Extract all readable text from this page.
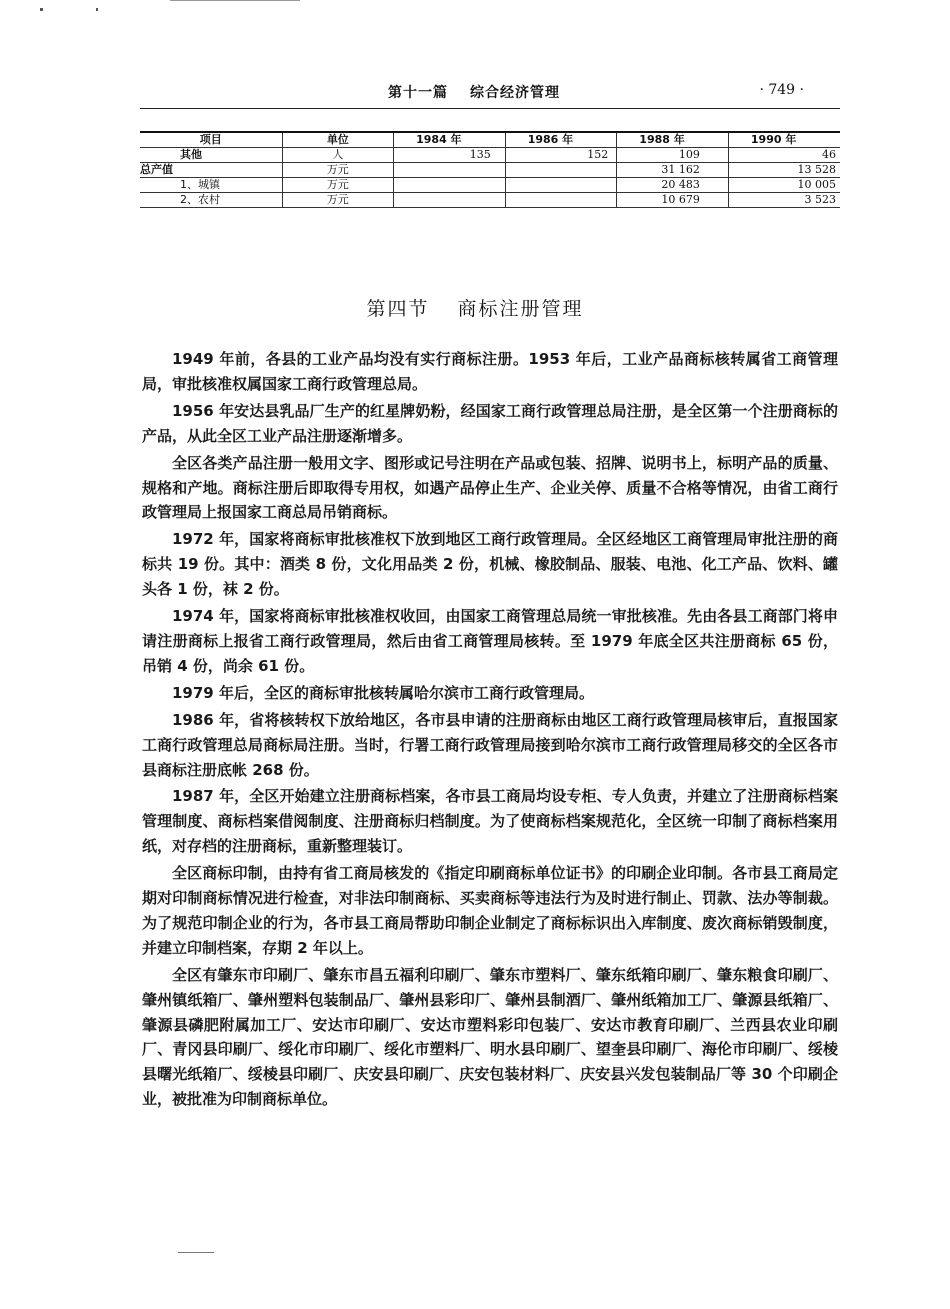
第十一篇 综合经济管理	· 749 ·
项目	单位	1984 年	1986 年	1988 年	1990 年
其他	人	135	152	109	46
总产值	万元			31 162	13 528
1、城镇	万元			20 483	10 005
2、农村	万元			10 679	3 523
第四节 商标注册管理

1949 年前，各县的工业产品均没有实行商标注册。1953 年后，工业产品商标核转属省工商管理局，审批核准权属国家工商行政管理总局。

1956 年安达县乳品厂生产的红星牌奶粉，经国家工商行政管理总局注册，是全区第一个注册商标的产品，从此全区工业产品注册逐渐增多。

全区各类产品注册一般用文字、图形或记号注明在产品或包装、招牌、说明书上，标明产品的质量、规格和产地。商标注册后即取得专用权，如遇产品停止生产、企业关停、质量不合格等情况，由省工商行政管理局上报国家工商总局吊销商标。

1972 年，国家将商标审批核准权下放到地区工商行政管理局。全区经地区工商管理局审批注册的商标共 19 份。其中：酒类 8 份，文化用品类 2 份，机械、橡胶制品、服装、电池、化工产品、饮料、罐头各 1 份，袜 2 份。

1974 年，国家将商标审批核准权收回，由国家工商管理总局统一审批核准。先由各县工商部门将申请注册商标上报省工商行政管理局，然后由省工商管理局核转。至 1979 年底全区共注册商标 65 份，吊销 4 份，尚余 61 份。

1979 年后，全区的商标审批核转属哈尔滨市工商行政管理局。

1986 年，省将核转权下放给地区，各市县申请的注册商标由地区工商行政管理局核审后，直报国家工商行政管理总局商标局注册。当时，行署工商行政管理局接到哈尔滨市工商行政管理局移交的全区各市县商标注册底帐 268 份。

1987 年，全区开始建立注册商标档案，各市县工商局均设专柜、专人负责，并建立了注册商标档案管理制度、商标档案借阅制度、注册商标归档制度。为了使商标档案规范化，全区统一印制了商标档案用纸，对存档的注册商标，重新整理装订。

全区商标印制，由持有省工商局核发的《指定印刷商标单位证书》的印刷企业印制。各市县工商局定期对印制商标情况进行检查，对非法印制商标、买卖商标等违法行为及时进行制止、罚款、法办等制裁。为了规范印制企业的行为，各市县工商局帮助印制企业制定了商标标识出入库制度、废次商标销毁制度，并建立印制档案，存期 2 年以上。

全区有肇东市印刷厂、肇东市昌五福利印刷厂、肇东市塑料厂、肇东纸箱印刷厂、肇东粮食印刷厂、肇州镇纸箱厂、肇州塑料包装制品厂、肇州县彩印厂、肇州县制酒厂、肇州纸箱加工厂、肇源县纸箱厂、肇源县磷肥附属加工厂、安达市印刷厂、安达市塑料彩印包装厂、安达市教育印刷厂、兰西县农业印刷厂、青冈县印刷厂、绥化市印刷厂、绥化市塑料厂、明水县印刷厂、望奎县印刷厂、海伦市印刷厂、绥棱县曙光纸箱厂、绥棱县印刷厂、庆安县印刷厂、庆安包装材料厂、庆安县兴发包装制品厂等 30 个印刷企业，被批准为印制商标单位。
